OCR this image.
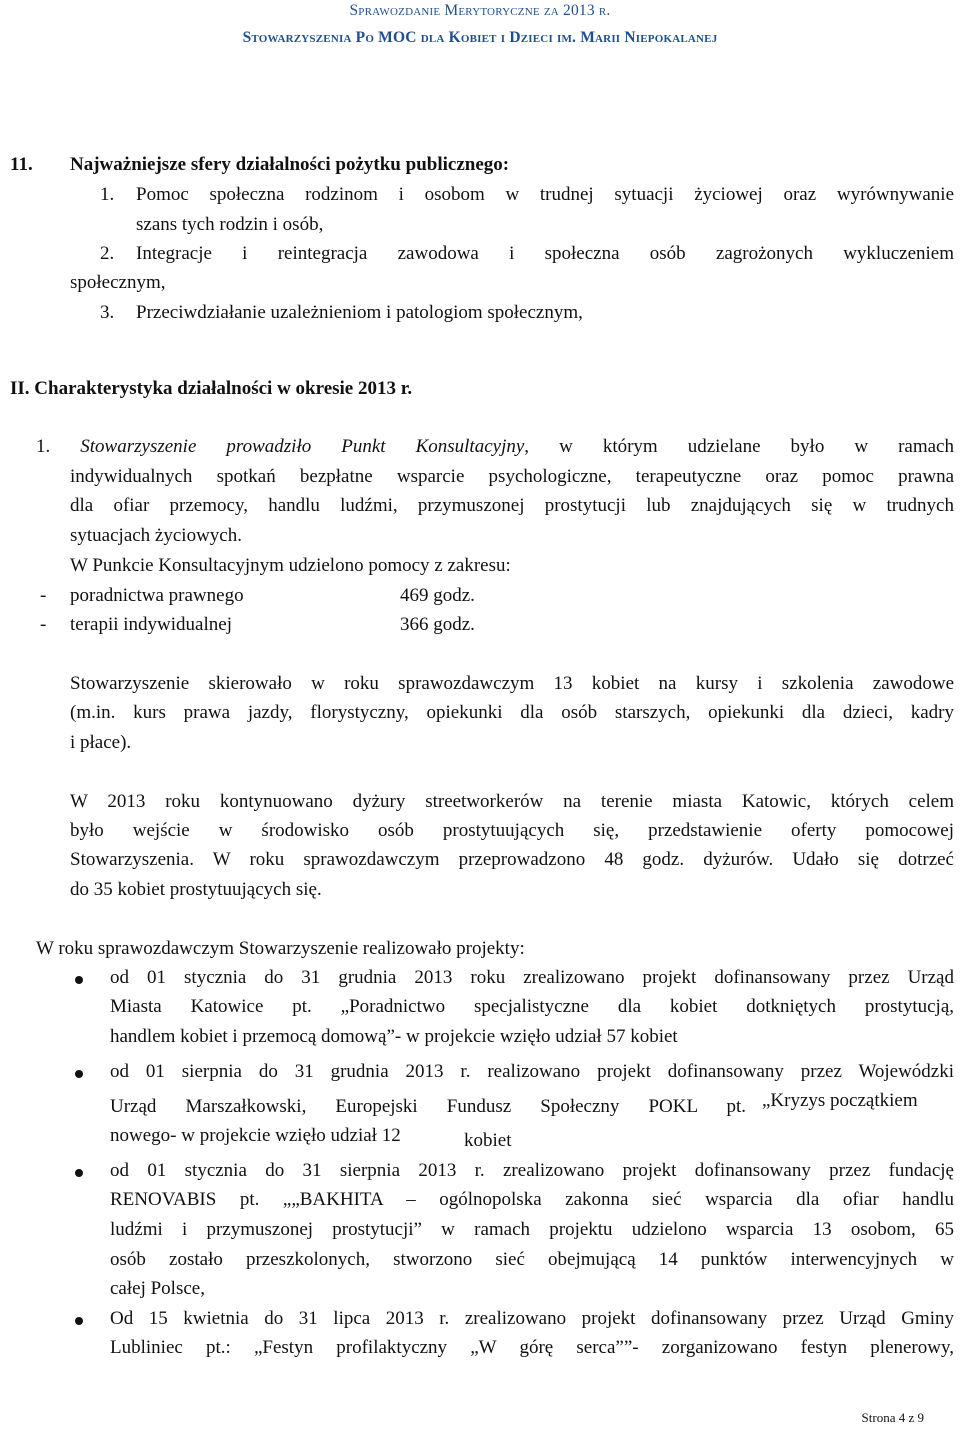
Sprawozdanie Merytoryczne za 2013 r.
Stowarzyszenia Po MOC dla Kobiet i Dzieci im. Marii Niepokalanej
11. Najważniejsze sfery działalności pożytku publicznego:
1. Pomoc społeczna rodzinom i osobom w trudnej sytuacji życiowej oraz wyrównywanie
szans tych rodzin i osób,
2. Integracje i reintegracja zawodowa i społeczna osób zagrożonych wykluczeniem
społecznym,
3. Przeciwdziałanie uzależnieniom i patologiom społecznym,
II. Charakterystyka działalności w okresie 2013 r.
1. Stowarzyszenie prowadziło Punkt Konsultacyjny, w którym udzielane było w ramach
indywidualnych spotkań bezpłatne wsparcie psychologiczne, terapeutyczne oraz pomoc prawna
dla ofiar przemocy, handlu ludźmi, przymuszonej prostytucji lub znajdujących się w trudnych
sytuacjach życiowych.
W Punkcie Konsultacyjnym udzielono pomocy z zakresu:
- poradnictwa prawnego	469 godz.
- terapii indywidualnej	366 godz.
Stowarzyszenie skierowało w roku sprawozdawczym 13 kobiet na kursy i szkolenia zawodowe
(m.in. kurs prawa jazdy, florystyczny, opiekunki dla osób starszych, opiekunki dla dzieci, kadry
i płace).
W 2013 roku kontynuowano dyżury streetworkerów na terenie miasta Katowic, których celem
było wejście w środowisko osób prostytuujących się, przedstawienie oferty pomocowej
Stowarzyszenia. W roku sprawozdawczym przeprowadzono 48 godz. dyżurów. Udało się dotrzeć
do 35 kobiet prostytuujących się.
W roku sprawozdawczym Stowarzyszenie realizowało projekty:
od 01 stycznia do 31 grudnia 2013 roku zrealizowano projekt dofinansowany przez Urząd
Miasta Katowice pt. „Poradnictwo specjalistyczne dla kobiet dotkniętych prostytucją,
handlem kobiet i przemocą domową”- w projekcie wzięło udział 57 kobiet
od 01 sierpnia do 31 grudnia 2013 r. realizowano projekt dofinansowany przez Wojewódzki
Urząd Marszałkowski, Europejski Fundusz Społeczny POKL pt. „Kryzys początkiem
nowego- w projekcie wzięło udział 12	kobiet
od 01 stycznia do 31 sierpnia 2013 r. zrealizowano projekt dofinansowany przez fundację
RENOVABIS pt. „„BAKHITA – ogólnopolska zakonna sieć wsparcia dla ofiar handlu
ludźmi i przymuszonej prostytucji” w ramach projektu udzielono wsparcia 13 osobom, 65
osób zostało przeszkolonych, stworzono sieć obejmującą 14 punktów interwencyjnych w
całej Polsce,
Od 15 kwietnia do 31 lipca 2013 r. zrealizowano projekt dofinansowany przez Urząd Gminy
Lubliniec pt.: „Festyn profilaktyczny „W górę serca””- zorganizowano festyn plenerowy,
Strona 4 z 9
